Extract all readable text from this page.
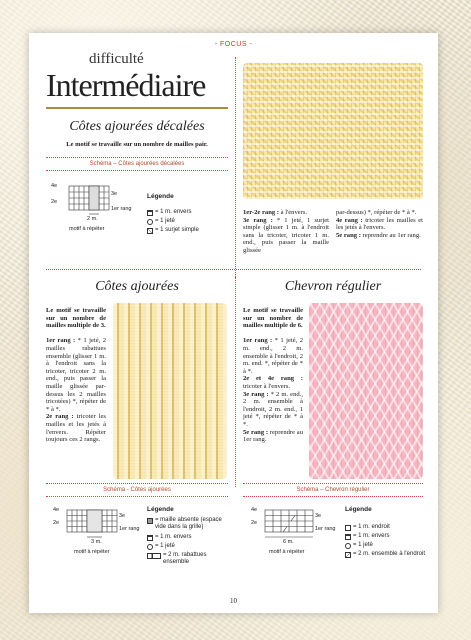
- FOCUS -
difficulté
Intermédiaire
Côtes ajourées décalées
Le motif se travaille sur un nombre de mailles pair.
Schéma – Côtes ajourées décalées
4e
2e
3e
1er rang
2 m.
motif à répéter
Légende
= 1 m. envers
= 1 jeté
= 1 surjet simple
1er-2e rang : à l'envers.
3e rang : * 1 jeté, 1 surjet simple (glisser 1 m. à l'endroit sans la tricoter, tricoter 1 m. end., puis passer la maille glissée
par-dessus) *, répéter de * à *.
4e rang : tricoter les mailles et les jetés à l'envers.
5e rang : reprendre au 1er rang.
Côtes ajourées	Chevron régulier
Le motif se travaille sur un nombre de mailles multiple de 3.

1er rang : * 1 jeté, 2 mailles rabattues ensemble (glisser 1 m. à l'endroit sans la tricoter, tricoter 2 m. end., puis passer la maille glissée par-dessus les 2 mailles tricotées) *, répéter de * à *.
2e rang : tricoter les mailles et les jetés à l'envers. Répéter toujours ces 2 rangs.
Le motif se travaille sur un nombre de mailles multiple de 6.

1er rang : * 1 jeté, 2 m. end., 2 m. ensemble à l'endroit, 2 m. end. *, répéter de * à *.
2e et 4e rang : tricoter à l'envers.
3e rang : * 2 m. end., 2 m. ensemble à l'endroit, 2 m. end., 1 jeté *, répéter de * à *.
5e rang : reprendre au 1er rang.
Schéma - Côtes ajourées	Schéma – Chevron régulier
4e
2e
3e
1er rang
3 m.
motif à répéter
Légende
= maille absente (espace vide dans la grille)
= 1 m. envers
= 1 jeté
= 2 m. rabattues ensemble
4e
2e
3e
1er rang
6 m.
motif à répéter
Légende
= 1 m. endroit
= 1 m. envers
= 1 jeté
= 2 m. ensemble à l'endroit
10
